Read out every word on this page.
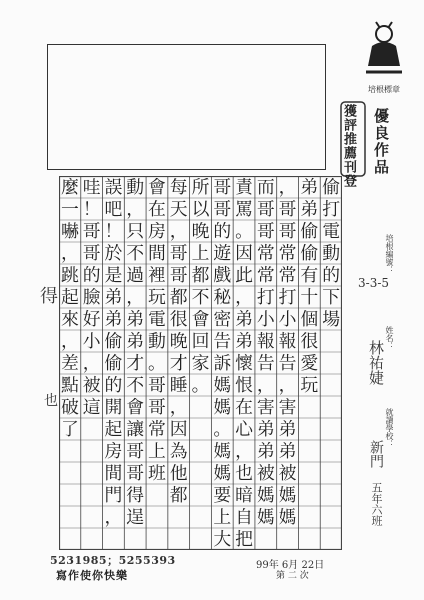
培根標章
獲評推薦刊登 優良作品
偷
打
電
動
的
下
場
弟
弟
偷
偷
有
十
個
很
愛
玩
，
哥
哥
常
常
打
小
報
告
，
害
弟
弟
被
媽
媽
而
哥
哥
常
常
打
小
報
告
，
害
弟
弟
被
媽
媽
責
罵
。
因
此
，
弟
弟
懷
恨
在
心
，
也
暗
自
把
哥
哥
的
遊
戲
秘
密
告
訴
媽
媽
。
媽
媽
要
上
大
所
以
晚
上
都
不
會
回
家
。
每
天
，
哥
哥
都
很
晚
才
睡
，
因
為
他
都
會
在
房
間
裡
玩
電
動
。
哥
哥
常
上
班
動
，
只
不
過
，
弟
弟
才
不
會
讓
哥
哥
得
逞
誤
吧
！
於
是
弟
弟
偷
偷
的
開
起
房
間
門
，
哇
！
哥
哥
的
臉
好
小
，
被
這
麼
一
嚇
，
跳
起
來
，
差
點
破
了
培根編號：
3-3-5
姓名：
林祐婕
就讀學校：
新門
五年六班
得
也
5231985；5255393
寫作使你快樂
99年 6月 22日
第 二 次
